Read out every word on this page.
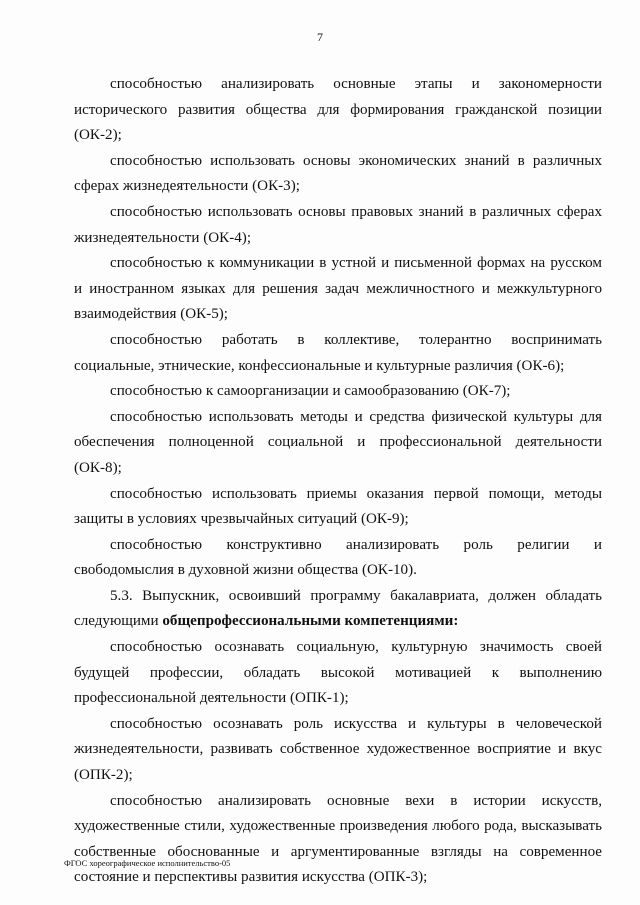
7

способностью анализировать основные этапы и закономерности исторического развития общества для формирования гражданской позиции (ОК-2);

способностью использовать основы экономических знаний в различных сферах жизнедеятельности (ОК-3);

способностью использовать основы правовых знаний в различных сферах жизнедеятельности (ОК-4);

способностью к коммуникации в устной и письменной формах на русском и иностранном языках для решения задач межличностного и межкультурного взаимодействия (ОК-5);

способностью работать в коллективе, толерантно воспринимать социальные, этнические, конфессиональные и культурные различия (ОК-6);

способностью к самоорганизации и самообразованию (ОК-7);

способностью использовать методы и средства физической культуры для обеспечения полноценной социальной и профессиональной деятельности (ОК-8);

способностью использовать приемы оказания первой помощи, методы защиты в условиях чрезвычайных ситуаций (ОК-9);

способностью конструктивно анализировать роль религии и свободомыслия в духовной жизни общества (ОК-10).

5.3. Выпускник, освоивший программу бакалавриата, должен обладать следующими общепрофессиональными компетенциями:

способностью осознавать социальную, культурную значимость своей будущей профессии, обладать высокой мотивацией к выполнению профессиональной деятельности (ОПК-1);

способностью осознавать роль искусства и культуры в человеческой жизнедеятельности, развивать собственное художественное восприятие и вкус (ОПК-2);

способностью анализировать основные вехи в истории искусств, художественные стили, художественные произведения любого рода, высказывать собственные обоснованные и аргументированные взгляды на современное состояние и перспективы развития искусства (ОПК-3);

ФГОС хореографическое исполнительство-05
